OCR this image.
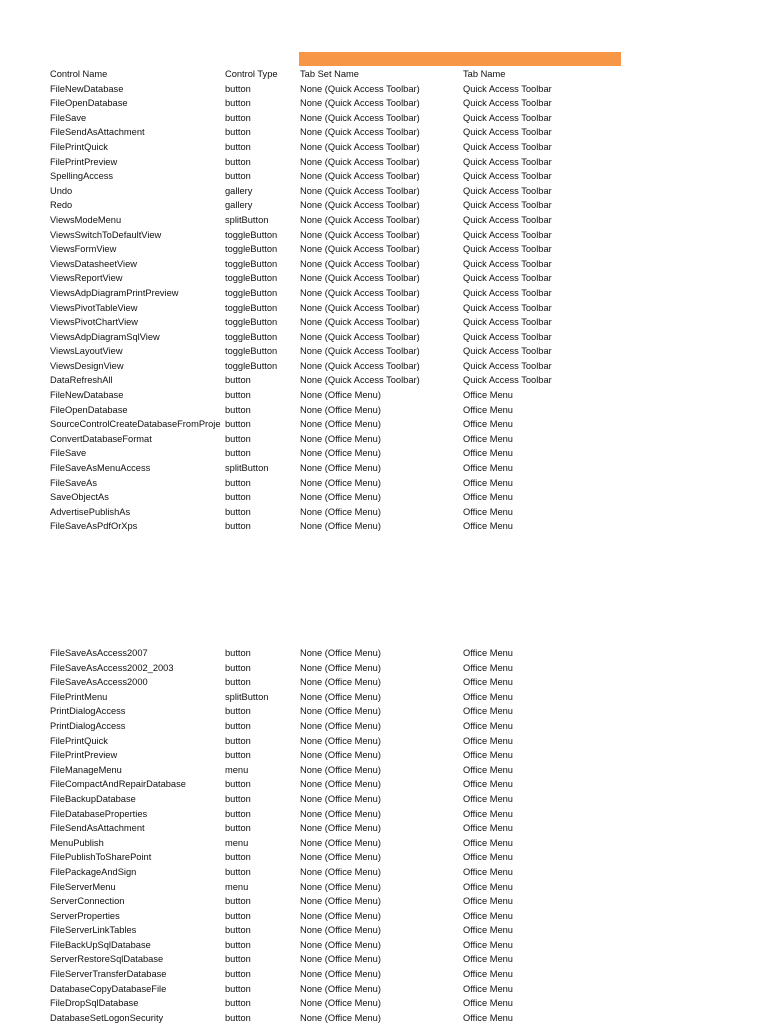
Control Name	Control Type	Tab Set Name	Tab Name
FileNewDatabase	button	None (Quick Access Toolbar)	Quick Access Toolbar
FileOpenDatabase	button	None (Quick Access Toolbar)	Quick Access Toolbar
FileSave	button	None (Quick Access Toolbar)	Quick Access Toolbar
FileSendAsAttachment	button	None (Quick Access Toolbar)	Quick Access Toolbar
FilePrintQuick	button	None (Quick Access Toolbar)	Quick Access Toolbar
FilePrintPreview	button	None (Quick Access Toolbar)	Quick Access Toolbar
SpellingAccess	button	None (Quick Access Toolbar)	Quick Access Toolbar
Undo	gallery	None (Quick Access Toolbar)	Quick Access Toolbar
Redo	gallery	None (Quick Access Toolbar)	Quick Access Toolbar
ViewsModeMenu	splitButton	None (Quick Access Toolbar)	Quick Access Toolbar
ViewsSwitchToDefaultView	toggleButton	None (Quick Access Toolbar)	Quick Access Toolbar
ViewsFormView	toggleButton	None (Quick Access Toolbar)	Quick Access Toolbar
ViewsDatasheetView	toggleButton	None (Quick Access Toolbar)	Quick Access Toolbar
ViewsReportView	toggleButton	None (Quick Access Toolbar)	Quick Access Toolbar
ViewsAdpDiagramPrintPreview	toggleButton	None (Quick Access Toolbar)	Quick Access Toolbar
ViewsPivotTableView	toggleButton	None (Quick Access Toolbar)	Quick Access Toolbar
ViewsPivotChartView	toggleButton	None (Quick Access Toolbar)	Quick Access Toolbar
ViewsAdpDiagramSqlView	toggleButton	None (Quick Access Toolbar)	Quick Access Toolbar
ViewsLayoutView	toggleButton	None (Quick Access Toolbar)	Quick Access Toolbar
ViewsDesignView	toggleButton	None (Quick Access Toolbar)	Quick Access Toolbar
DataRefreshAll	button	None (Quick Access Toolbar)	Quick Access Toolbar
FileNewDatabase	button	None (Office Menu)	Office Menu
FileOpenDatabase	button	None (Office Menu)	Office Menu
SourceControlCreateDatabaseFromProje button	None (Office Menu)	Office Menu
ConvertDatabaseFormat	button	None (Office Menu)	Office Menu
FileSave	button	None (Office Menu)	Office Menu
FileSaveAsMenuAccess	splitButton	None (Office Menu)	Office Menu
FileSaveAs	button	None (Office Menu)	Office Menu
SaveObjectAs	button	None (Office Menu)	Office Menu
AdvertisePublishAs	button	None (Office Menu)	Office Menu
FileSaveAsPdfOrXps	button	None (Office Menu)	Office Menu
FileSaveAsAccess2007	button	None (Office Menu)	Office Menu
FileSaveAsAccess2002_2003	button	None (Office Menu)	Office Menu
FileSaveAsAccess2000	button	None (Office Menu)	Office Menu
FilePrintMenu	splitButton	None (Office Menu)	Office Menu
PrintDialogAccess	button	None (Office Menu)	Office Menu
PrintDialogAccess	button	None (Office Menu)	Office Menu
FilePrintQuick	button	None (Office Menu)	Office Menu
FilePrintPreview	button	None (Office Menu)	Office Menu
FileManageMenu	menu	None (Office Menu)	Office Menu
FileCompactAndRepairDatabase	button	None (Office Menu)	Office Menu
FileBackupDatabase	button	None (Office Menu)	Office Menu
FileDatabaseProperties	button	None (Office Menu)	Office Menu
FileSendAsAttachment	button	None (Office Menu)	Office Menu
MenuPublish	menu	None (Office Menu)	Office Menu
FilePublishToSharePoint	button	None (Office Menu)	Office Menu
FilePackageAndSign	button	None (Office Menu)	Office Menu
FileServerMenu	menu	None (Office Menu)	Office Menu
ServerConnection	button	None (Office Menu)	Office Menu
ServerProperties	button	None (Office Menu)	Office Menu
FileServerLinkTables	button	None (Office Menu)	Office Menu
FileBackUpSqlDatabase	button	None (Office Menu)	Office Menu
ServerRestoreSqlDatabase	button	None (Office Menu)	Office Menu
FileServerTransferDatabase	button	None (Office Menu)	Office Menu
DatabaseCopyDatabaseFile	button	None (Office Menu)	Office Menu
FileDropSqlDatabase	button	None (Office Menu)	Office Menu
DatabaseSetLogonSecurity	button	None (Office Menu)	Office Menu
